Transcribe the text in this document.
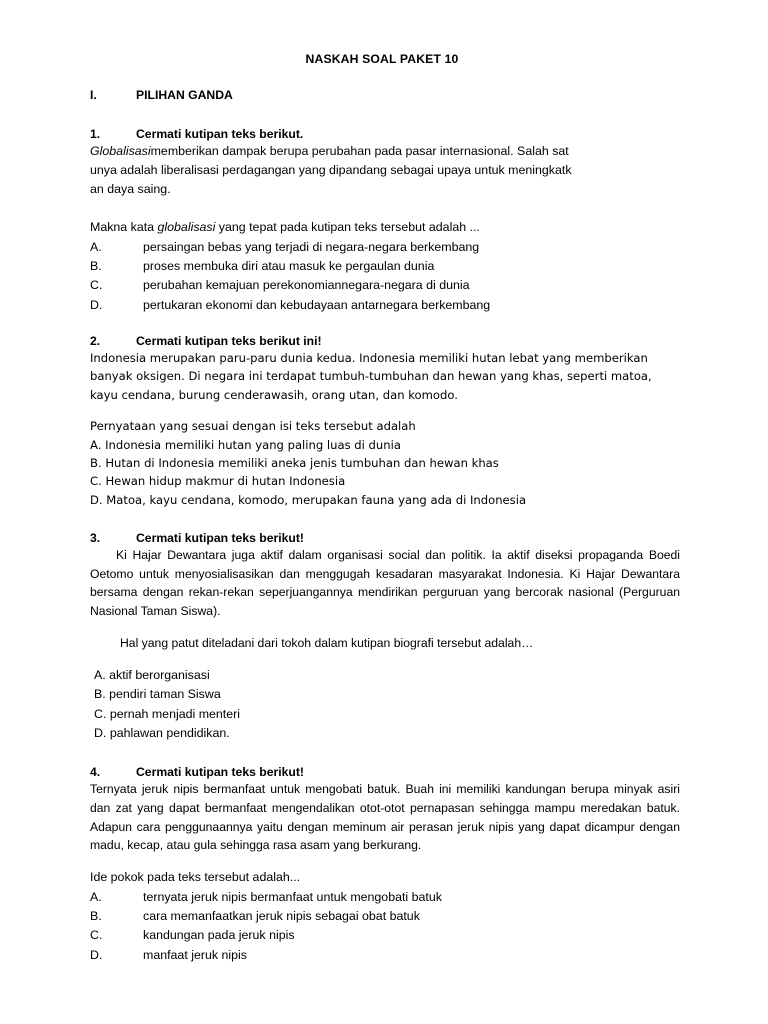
NASKAH SOAL PAKET 10
I.	PILIHAN GANDA
1.	Cermati kutipan teks berikut.
Globalisasimemberikan dampak berupa perubahan pada pasar internasional. Salah sat
unya adalah liberalisasi perdagangan yang dipandang sebagai upaya untuk meningkatk
an daya saing.
Makna kata globalisasi yang tepat pada kutipan teks tersebut adalah ...
A.	persaingan bebas yang terjadi di negara-negara berkembang
B.	proses membuka diri atau masuk ke pergaulan dunia
C.	perubahan kemajuan perekonomiannegara-negara di dunia
D.	pertukaran ekonomi dan kebudayaan antarnegara berkembang
2.	Cermati kutipan teks berikut ini!
Indonesia merupakan paru-paru dunia kedua. Indonesia memiliki hutan lebat yang memberikan banyak oksigen. Di negara ini terdapat tumbuh-tumbuhan dan hewan yang khas, seperti matoa, kayu cendana, burung cenderawasih, orang utan, dan komodo.
Pernyataan yang sesuai dengan isi teks tersebut adalah
A. Indonesia memiliki hutan yang paling luas di dunia
B. Hutan di Indonesia memiliki aneka jenis tumbuhan dan hewan khas
C. Hewan hidup makmur di hutan Indonesia
D. Matoa, kayu cendana, komodo, merupakan fauna yang ada di Indonesia
3.	Cermati kutipan teks berikut!
Ki Hajar Dewantara juga aktif dalam organisasi social dan politik. Ia aktif diseksi propaganda Boedi Oetomo untuk menyosialisasikan dan menggugah kesadaran masyarakat Indonesia. Ki Hajar Dewantara bersama dengan rekan-rekan seperjuangannya mendirikan perguruan yang bercorak nasional (Perguruan Nasional Taman Siswa).
Hal yang patut diteladani dari tokoh dalam kutipan biografi tersebut adalah…
A. aktif berorganisasi
B. pendiri taman Siswa
C. pernah menjadi menteri
D. pahlawan pendidikan.
4.	Cermati kutipan teks berikut!
Ternyata jeruk nipis bermanfaat untuk mengobati batuk. Buah ini memiliki kandungan berupa minyak asiri dan zat yang dapat bermanfaat mengendalikan otot-otot pernapasan sehingga mampu meredakan batuk. Adapun cara penggunaannya yaitu dengan meminum air perasan jeruk nipis yang dapat dicampur dengan madu, kecap, atau gula sehingga rasa asam yang berkurang.
Ide pokok pada teks tersebut adalah...
A.	ternyata jeruk nipis bermanfaat untuk mengobati batuk
B.	cara memanfaatkan jeruk nipis sebagai obat batuk
C.	kandungan pada jeruk nipis
D.	manfaat jeruk nipis
